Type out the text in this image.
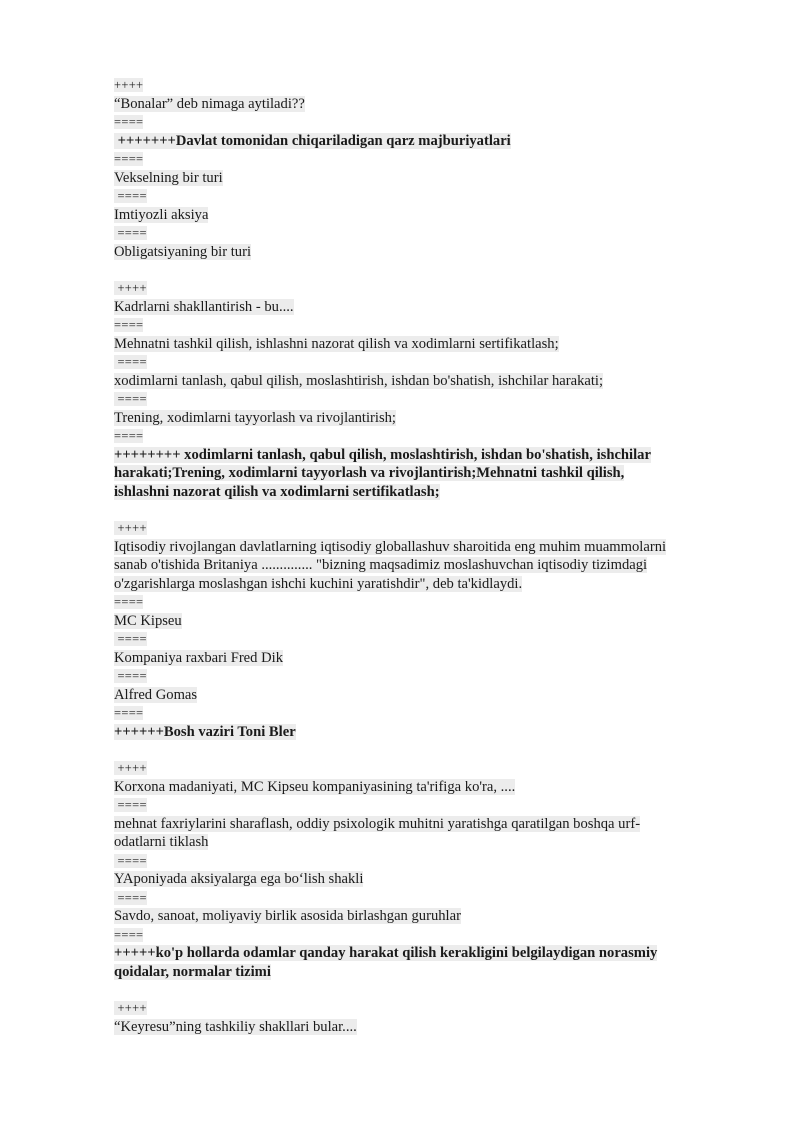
++++
“Bonalar” deb nimaga aytiladi??
====
+++++++Davlat tomonidan chiqariladigan qarz majburiyatlari
====
Vekselning bir turi
====
Imtiyozli aksiya
====
Obligatsiyaning bir turi
++++
Kadrlarni shakllantirish - bu....
====
Mehnatni tashkil qilish, ishlashni nazorat qilish va xodimlarni sertifikatlash;
====
xodimlarni tanlash, qabul qilish, moslashtirish, ishdan bo'shatish, ishchilar harakati;
====
Trening, xodimlarni tayyorlash va rivojlantirish;
====
++++++++ xodimlarni tanlash, qabul qilish, moslashtirish, ishdan bo'shatish, ishchilar
harakati;Trening, xodimlarni tayyorlash va rivojlantirish;Mehnatni tashkil qilish,
ishlashni nazorat qilish va xodimlarni sertifikatlash;
++++
Iqtisodiy rivojlangan davlatlarning iqtisodiy globallashuv sharoitida eng muhim muammolarni
sanab o'tishida Britaniya .............. "bizning maqsadimiz moslashuvchan iqtisodiy tizimdagi
o'zgarishlarga moslashgan ishchi kuchini yaratishdir", deb ta'kidlaydi.
====
MC Kipseu
====
Kompaniya raxbari Fred Dik
====
Alfred Gomas
====
++++++Bosh vaziri Toni Bler
++++
Korxona madaniyati, MC Kipseu kompaniyasining ta'rifiga ko'ra, ....
====
mehnat faxriylarini sharaflash, oddiy psixologik muhitni yaratishga qaratilgan boshqa urf-
odatlarni tiklash
====
YAponiyada aksiyalarga ega bo‘lish shakli
====
Savdo, sanoat, moliyaviy birlik asosida birlashgan guruhlar
====
+++++ko'p hollarda odamlar qanday harakat qilish kerakligini belgilaydigan norasmiy
qoidalar, normalar tizimi
++++
“Keyresu”ning tashkiliy shakllari bular....
